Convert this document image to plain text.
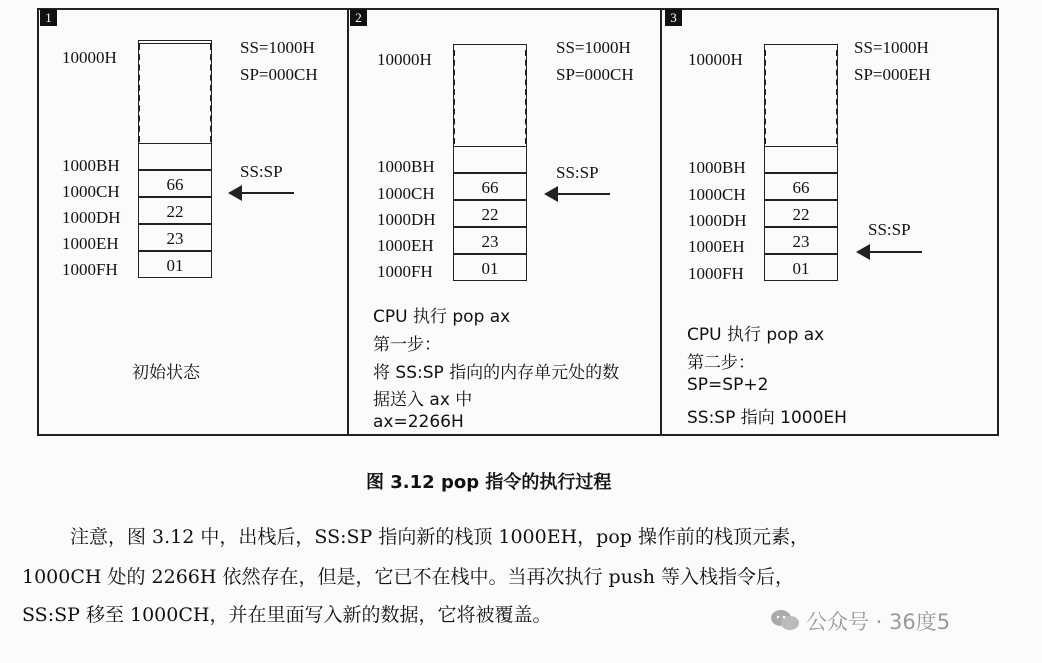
1
10000H
SS=1000H
SP=000CH
1000BH
1000CH
1000DH
1000EH
1000FH
66
22
23
01
SS:SP
初始状态
2
10000H
SS=1000H
SP=000CH
1000BH
1000CH
1000DH
1000EH
1000FH
66
22
23
01
SS:SP
CPU 执行 pop ax
第一步：
将 SS:SP 指向的内存单元处的数
据送入 ax 中
ax=2266H
3
10000H
SS=1000H
SP=000EH
1000BH
1000CH
1000DH
1000EH
1000FH
66
22
23
01
SS:SP
CPU 执行 pop ax
第二步：
SP=SP+2
SS:SP 指向 1000EH
图 3.12 pop 指令的执行过程
注意，图 3.12 中，出栈后，SS:SP 指向新的栈顶 1000EH，pop 操作前的栈顶元素，
1000CH 处的 2266H 依然存在，但是，它已不在栈中。当再次执行 push 等入栈指令后，
SS:SP 移至 1000CH，并在里面写入新的数据，它将被覆盖。	公众号 · 36度5
